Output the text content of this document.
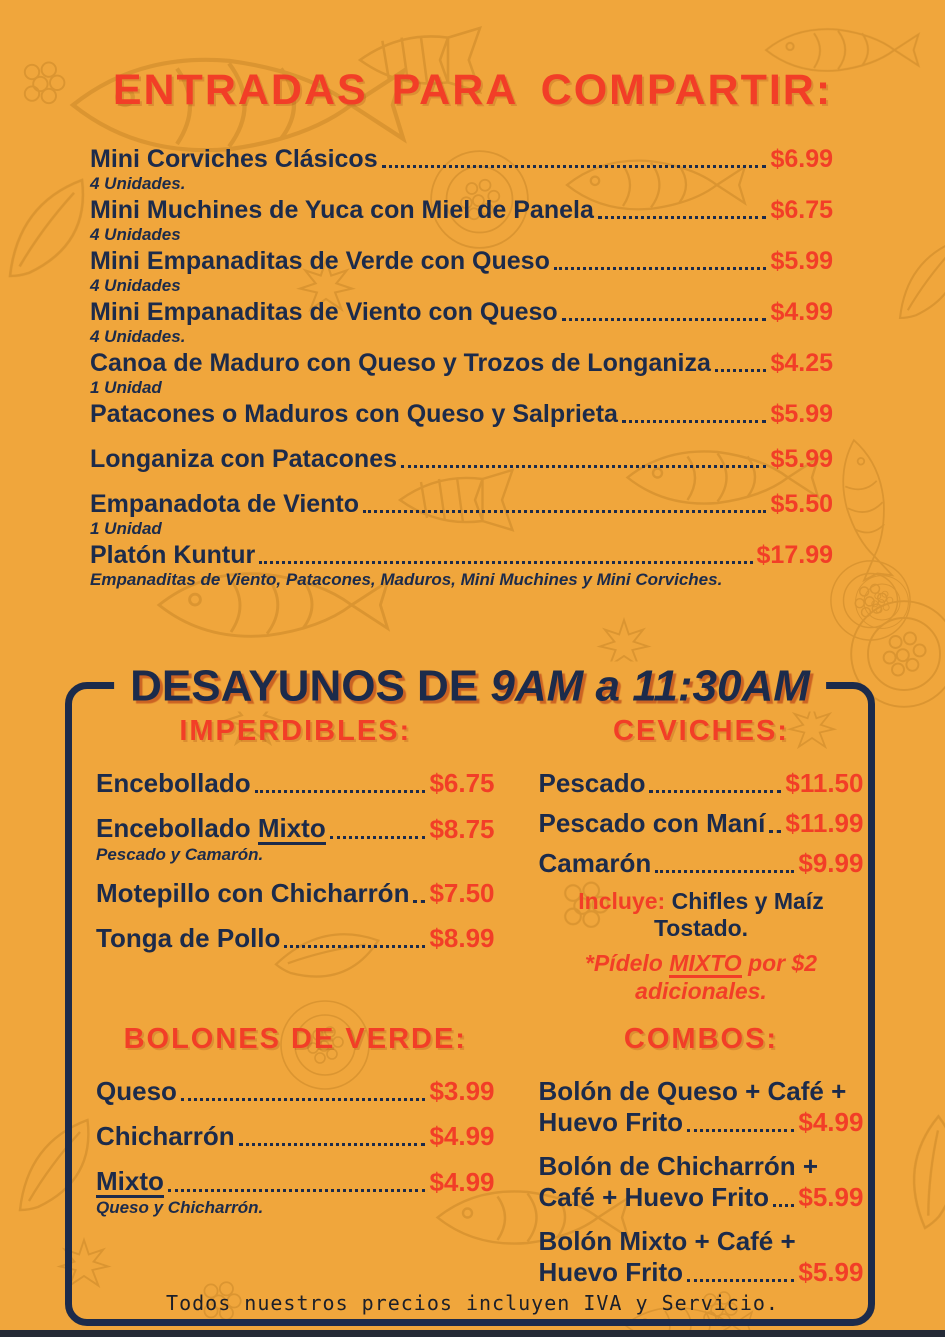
ENTRADAS PARA COMPARTIR:
Mini Corviches Clásicos	$6.99
4 Unidades.
Mini Muchines de Yuca con Miel de Panela	$6.75
4 Unidades
Mini Empanaditas de Verde con Queso	$5.99
4 Unidades
Mini Empanaditas de Viento con Queso	$4.99
4 Unidades.
Canoa de Maduro con Queso y Trozos de Longaniza $4.25
1 Unidad
Patacones o Maduros con Queso y Salprieta	$5.99
Longaniza con Patacones	$5.99
Empanadota de Viento	$5.50
1 Unidad
Platón Kuntur	$17.99
Empanaditas de Viento, Patacones, Maduros, Mini Muchines y Mini Corviches.
DESAYUNOS DE 9AM a 11:30AM
IMPERDIBLES:
Encebollado	$6.75
Encebollado Mixto	$8.75
Pescado y Camarón.
Motepillo con Chicharrón $7.50
Tonga de Pollo	$8.99
CEVICHES:
Pescado	$11.50
Pescado con Maní $11.99
Camarón	$9.99
Incluye: Chifles y Maíz Tostado.
*Pídelo MIXTO por $2 adicionales.
BOLONES DE VERDE:
Queso	$3.99
Chicharrón	$4.99
Mixto	$4.99
Queso y Chicharrón.
COMBOS:
Bolón de Queso + Café +
Huevo Frito	$4.99
Bolón de Chicharrón +
Café + Huevo Frito $5.99
Bolón Mixto + Café +
Huevo Frito	$5.99
Todos nuestros precios incluyen IVA y Servicio.
